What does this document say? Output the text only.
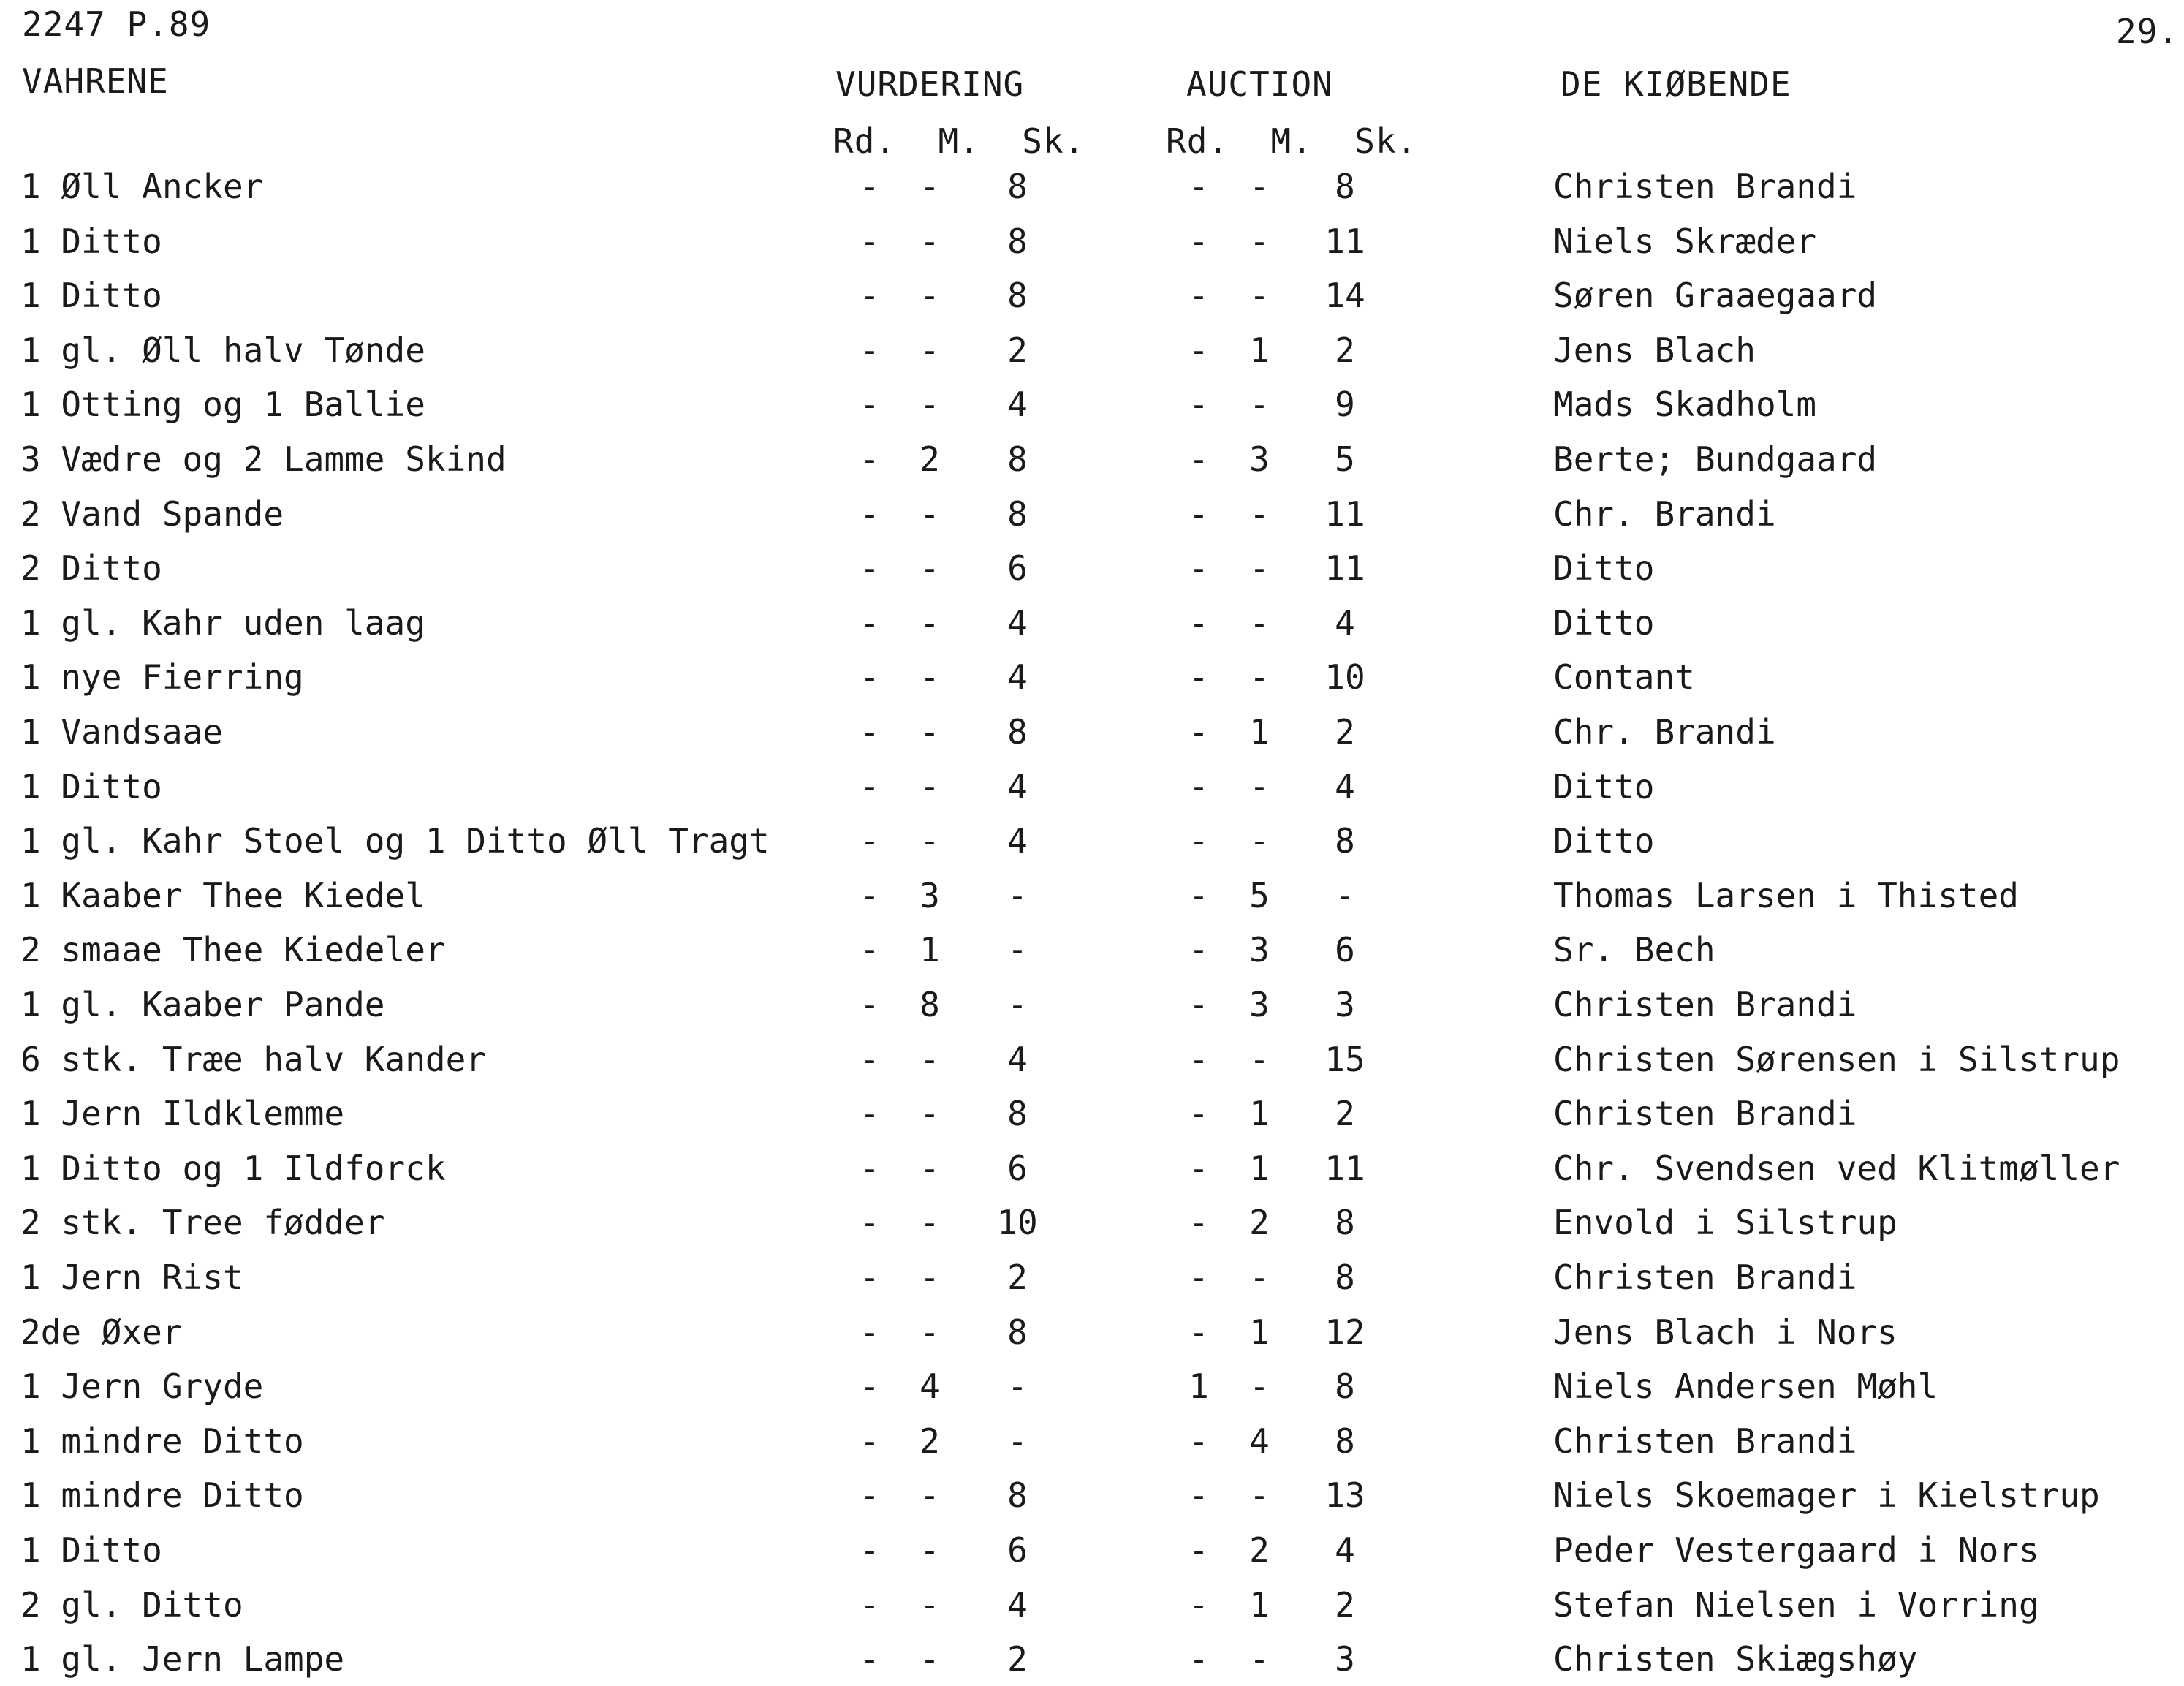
2247 P.89	29.
VAHRENE	VURDERING	AUCTION	DE KIØBENDE
Rd.  M.  Sk. Rd.  M.  Sk.
1 Øll Ancker	-	-	8	-	-	8	Christen Brandi
1 Ditto	-	-	8	-	-	11	Niels Skræder
1 Ditto	-	-	8	-	-	14	Søren Graaegaard
1 gl. Øll halv Tønde	-	-	2	-	1	2	Jens Blach
1 Otting og 1 Ballie	-	-	4	-	-	9	Mads Skadholm
3 Vædre og 2 Lamme Skind	-	2	8	-	3	5	Berte; Bundgaard
2 Vand Spande	-	-	8	-	-	11	Chr. Brandi
2 Ditto	-	-	6	-	-	11	Ditto
1 gl. Kahr uden laag	-	-	4	-	-	4	Ditto
1 nye Fierring	-	-	4	-	-	10	Contant
1 Vandsaae	-	-	8	-	1	2	Chr. Brandi
1 Ditto	-	-	4	-	-	4	Ditto
1 gl. Kahr Stoel og 1 Ditto Øll Tragt	-	-	4	-	-	8	Ditto
1 Kaaber Thee Kiedel	-	3	-	-	5	-	Thomas Larsen i Thisted
2 smaae Thee Kiedeler	-	1	-	-	3	6	Sr. Bech
1 gl. Kaaber Pande	-	8	-	-	3	3	Christen Brandi
6 stk. Træe halv Kander	-	-	4	-	-	15	Christen Sørensen i Silstrup
1 Jern Ildklemme	-	-	8	-	1	2	Christen Brandi
1 Ditto og 1 Ildforck	-	-	6	-	1	11	Chr. Svendsen ved Klitmøller
2 stk. Tree fødder	-	-	10	-	2	8	Envold i Silstrup
1 Jern Rist	-	-	2	-	-	8	Christen Brandi
2de Øxer	-	-	8	-	1	12	Jens Blach i Nors
1 Jern Gryde	-	4	-	1	-	8	Niels Andersen Møhl
1 mindre Ditto	-	2	-	-	4	8	Christen Brandi
1 mindre Ditto	-	-	8	-	-	13	Niels Skoemager i Kielstrup
1 Ditto	-	-	6	-	2	4	Peder Vestergaard i Nors
2 gl. Ditto	-	-	4	-	1	2	Stefan Nielsen i Vorring
1 gl. Jern Lampe	-	-	2	-	-	3	Christen Skiægshøy
